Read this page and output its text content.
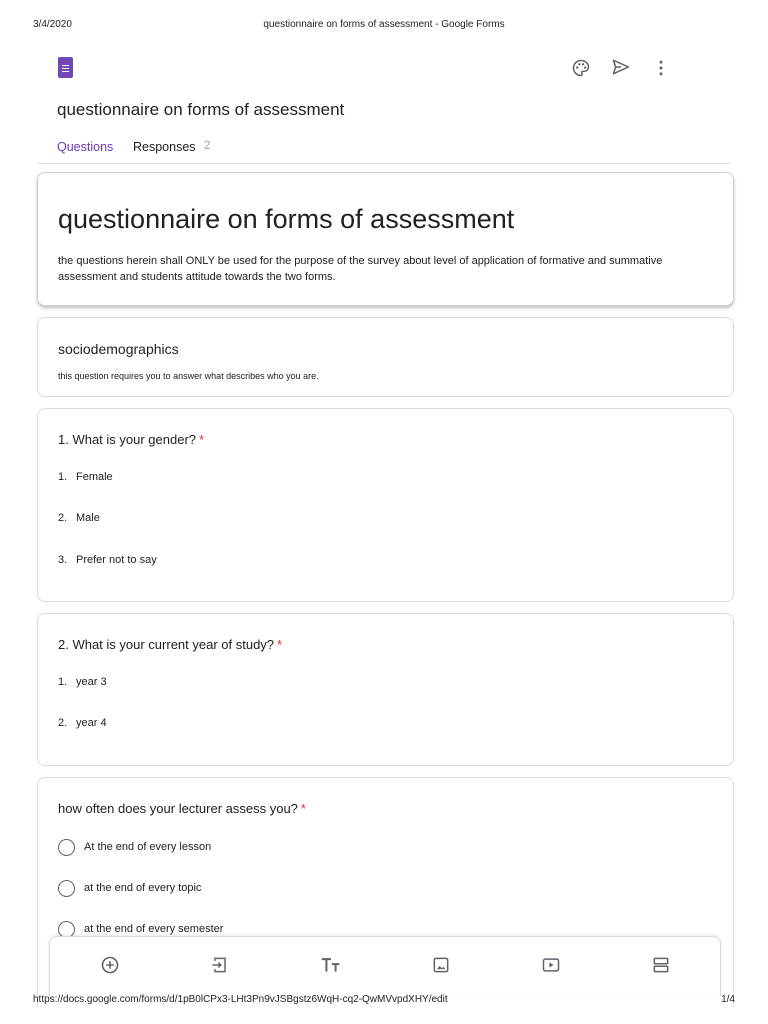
3/4/2020	questionnaire on forms of assessment - Google Forms
questionnaire on forms of assessment
Questions Responses 2
questionnaire on forms of assessment
the questions herein shall ONLY be used for the purpose of the survey about level of application of formative and summative assessment and students attitude towards the two forms.
sociodemographics
this question requires you to answer what describes who you are.
1. What is your gender? *
1. Female
2. Male
3. Prefer not to say
2. What is your current year of study? *
1. year 3
2. year 4
how often does your lecturer assess you? *
At the end of every lesson
at the end of every topic
at the end of every semester
https://docs.google.com/forms/d/1pB0lCPx3-LHt3Pn9vJSBgstz6WqH-cq2-QwMVvpdXHY/edit	1/4
